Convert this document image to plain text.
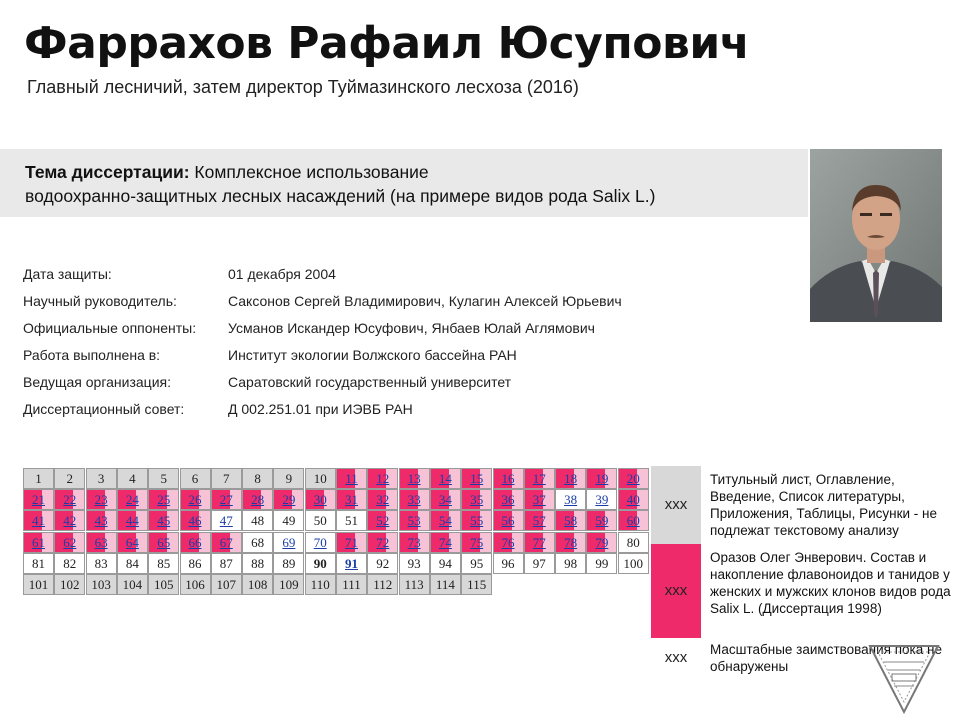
Фаррахов Рафаил Юсупович
Главный лесничий, затем директор Туймазинского лесхоза (2016)
Тема диссертации: Комплексное использование
водоохранно-защитных лесных насаждений (на примере видов рода Salix L.)
Дата защиты:	01 декабря 2004
Научный руководитель:	Саксонов Сергей Владимирович, Кулагин Алексей Юрьевич
Официальные оппоненты: Усманов Искандер Юсуфович, Янбаев Юлай Аглямович
Работа выполнена в:	Институт экологии Волжского бассейна РАН
Ведущая организация:	Саратовский государственный университет
Диссертационный совет:	Д 002.251.01 при ИЭВБ РАН
1	2	3	4	5	6	7	8	9	10	11	12	13	14	15	16	17	18	19	20
21	22	23	24	25	26	27	28	29	30	31	32	33	34	35	36	37	38	39	40
41	42	43	44	45	46	47	48	49	50	51	52	53	54	55	56	57	58	59	60
61	62	63	64	65	66	67	68	69	70	71	72	73	74	75	76	77	78	79	80
81	82	83	84	85	86	87	88	89	90	91	92	93	94	95	96	97	98	99	100
101 102 103 104 105 106 107 108 109 110 111 112 113 114 115
xxx
Титульный лист, Оглавление, Введение, Список литературы, Приложения, Таблицы, Рисунки - не подлежат текстовому анализу
xxx
Оразов Олег Энверович. Состав и накопление флавоноидов и танидов у женских и мужских клонов видов рода Salix L. (Диссертация 1998)
xxx	Масштабные заимствования пока не обнаружены
